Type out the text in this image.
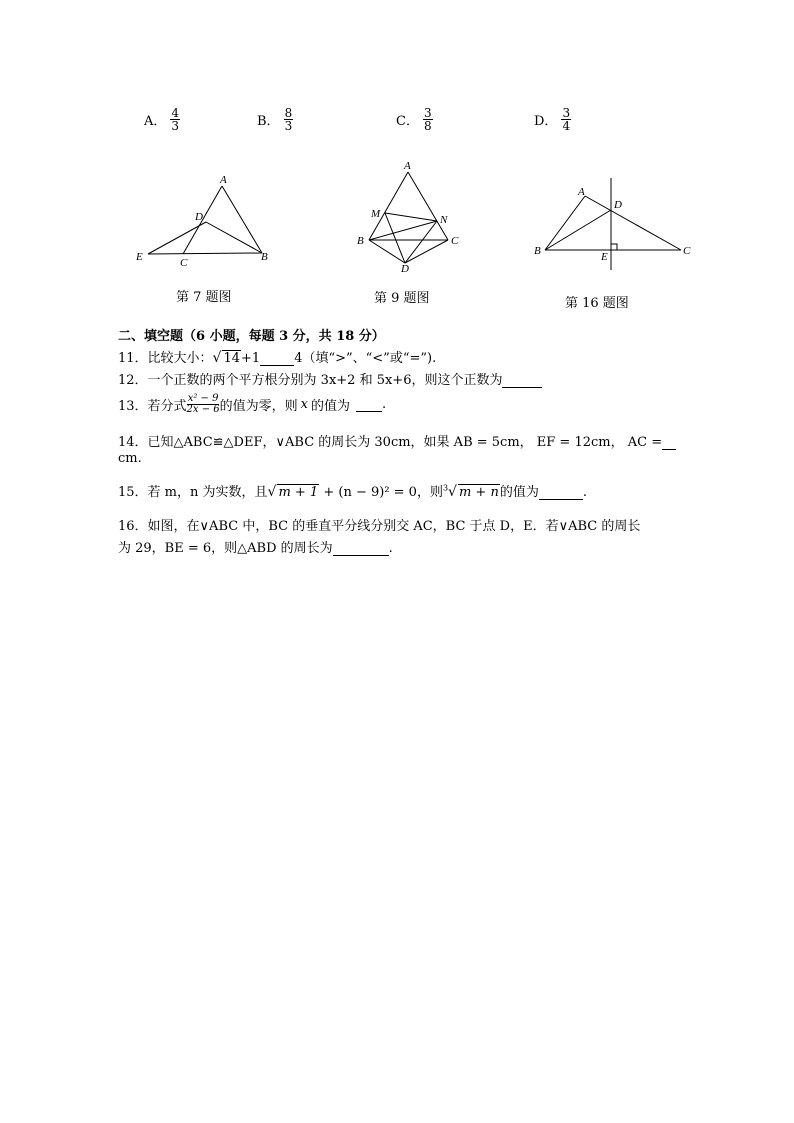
A． $\frac{4}{3}$	B． $\frac{8}{3}$	C． $\frac{3}{8}$	D． $\frac{3}{4}$
A
D
E	C	B
第 7 题图
A
M	N
B	C
D
第 9 题图
A
D
B	E	C
第 16 题图
二、填空题（6 小题，每题 3 分，共 18 分）
11．比较大小：√ 14+1	4（填“>”、“<”或“=”).
12．一个正数的两个平方根分别为 3x+2 和 5x+6，则这个正数为
13．若分式 $\frac{\text{x² − 9}}{2x - 6}$ 的值为零，则 x 的值为 .
14．已知△ABC≌△DEF，∨ABC 的周长为 30cm，如果 AB = 5cm， EF = 12cm， AC =
cm.
15．若 m，n 为实数，且√ m + 1 + (n − 9)² = 0，则$^3$√ m + n的值为	.
16．如图，在∨ABC 中，BC 的垂直平分线分别交 AC，BC 于点 D，E．若∨ABC 的周长
为 29，BE = 6，则△ABD 的周长为	.
